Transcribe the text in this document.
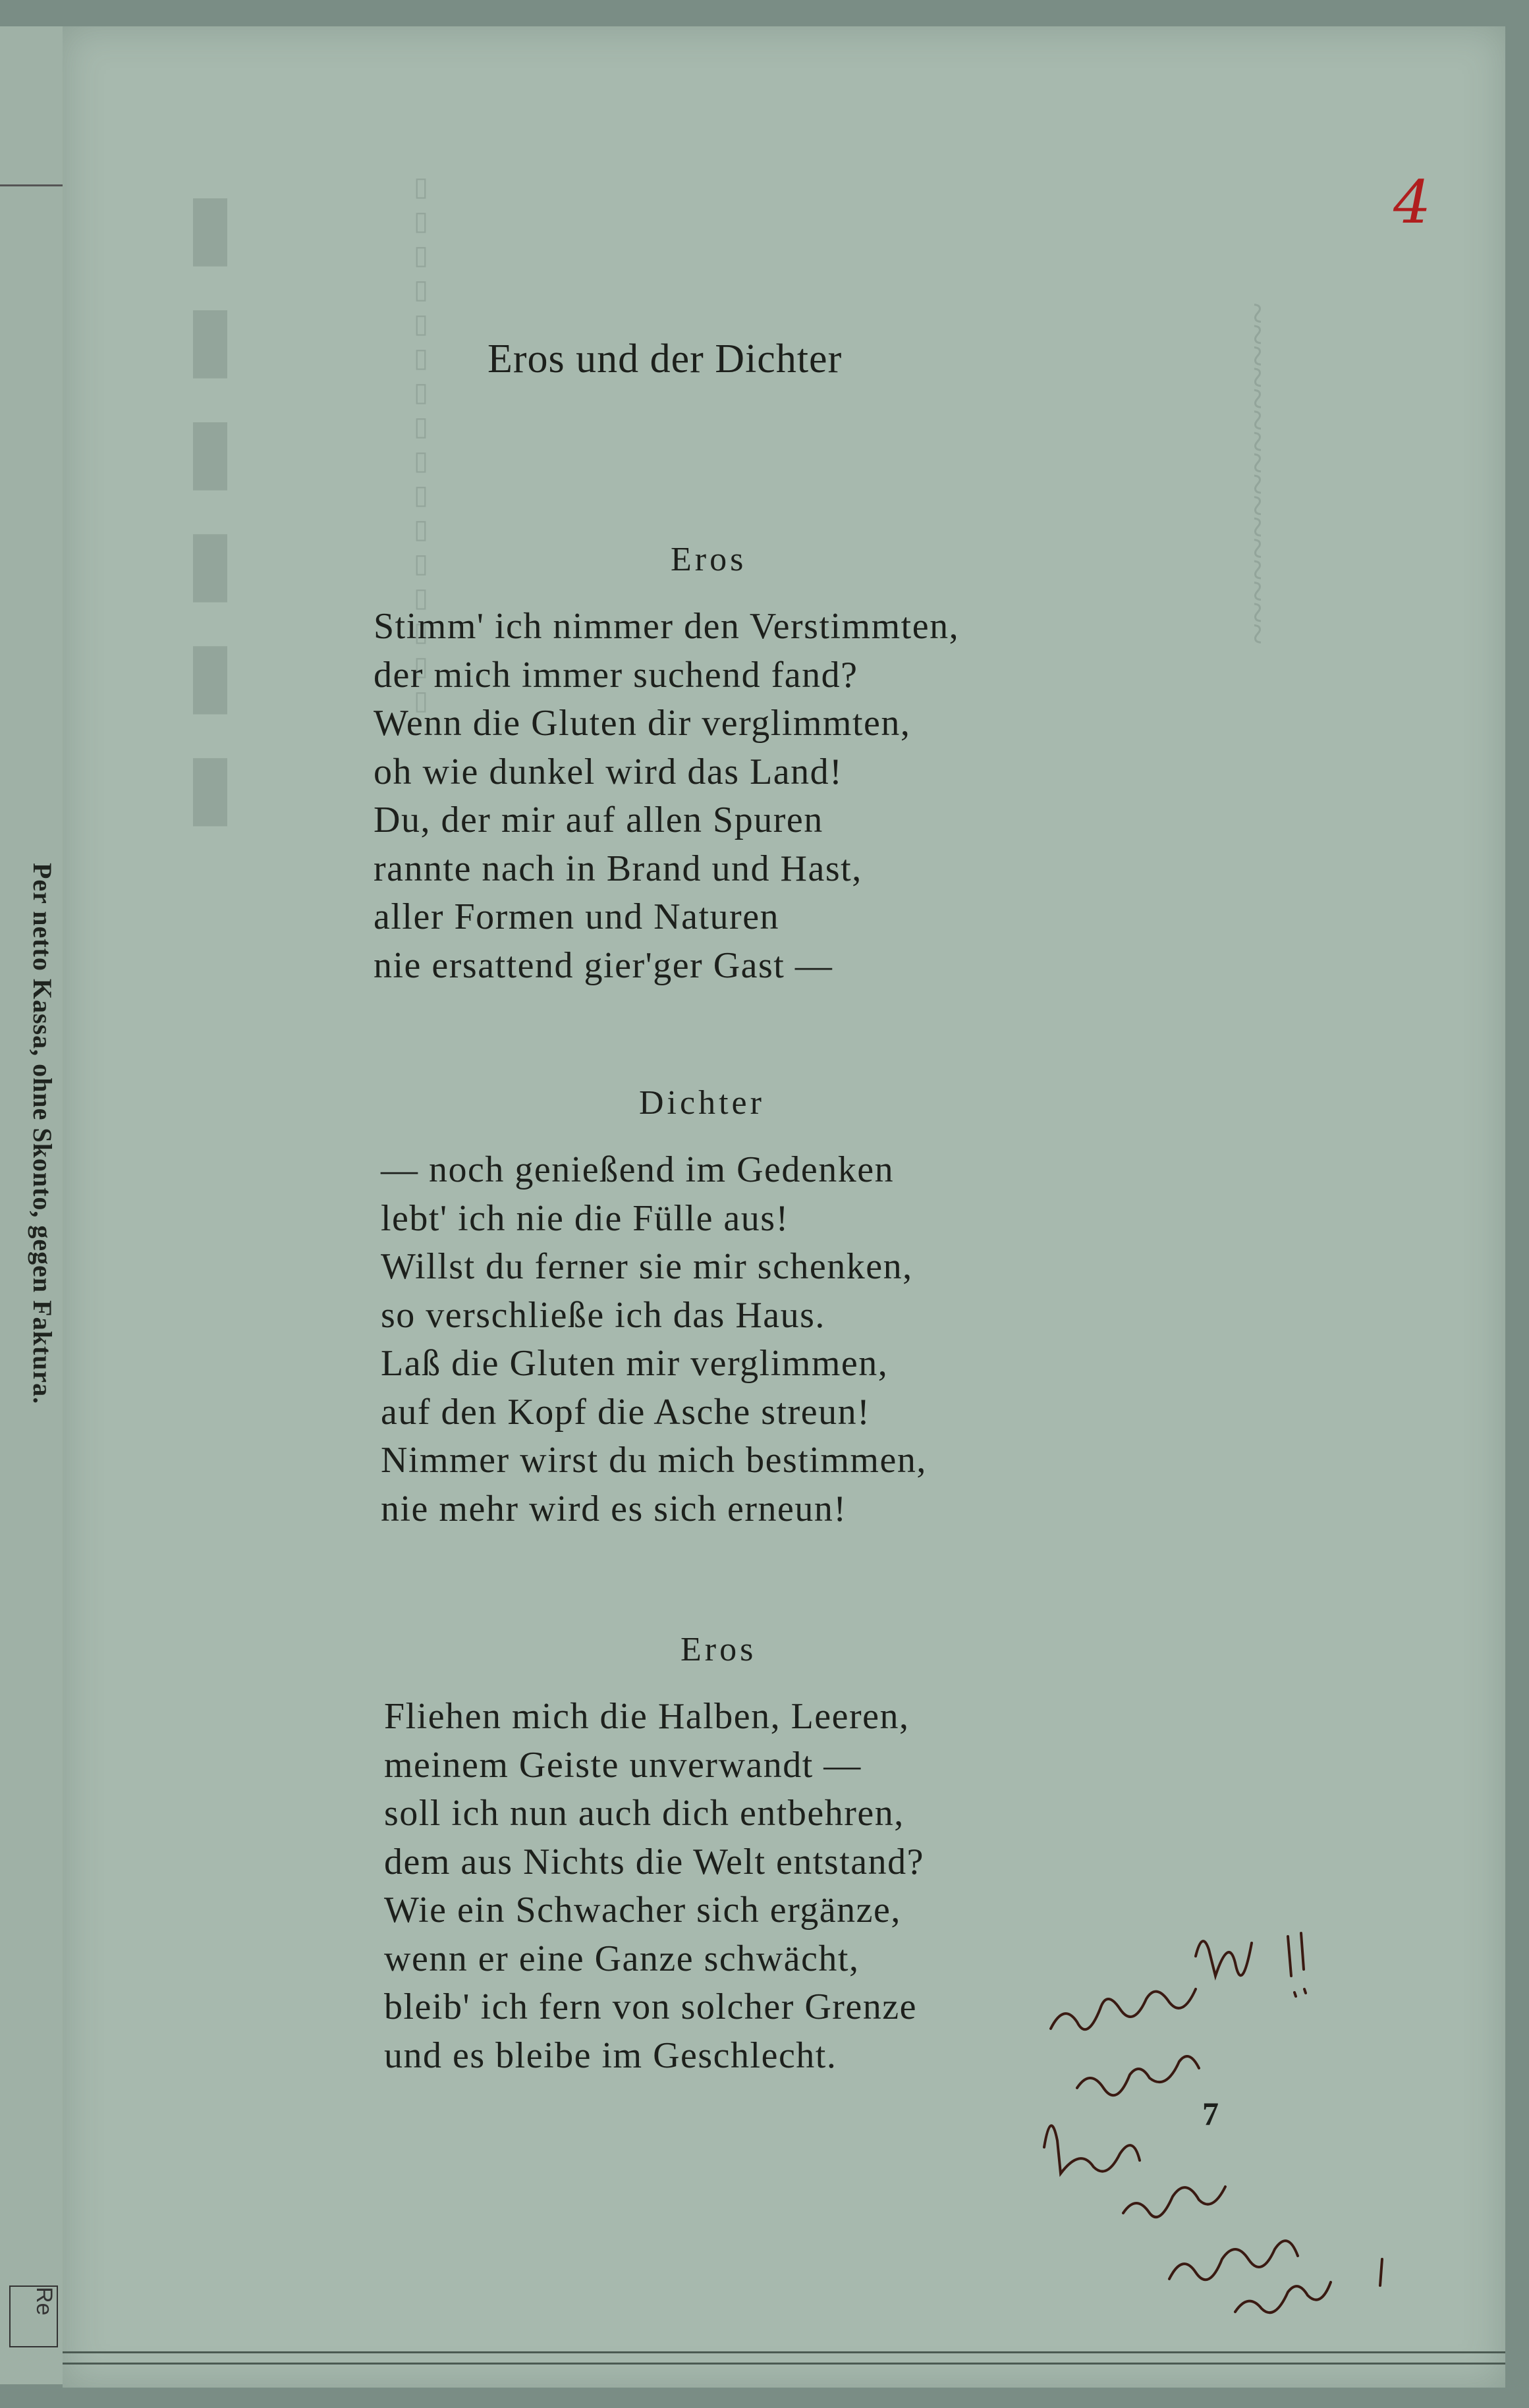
Per netto Kassa, ohne Skonto, gegen Faktura.
Re
▮▮▮▮▮▮	▯▯▯▯▯▯▯▯▯▯▯▯▯▯▯▯	~~~~~~~~~~~~~~~~
4
Eros und der Dichter
Eros
Stimm' ich nimmer den Verstimmten,
der mich immer suchend fand?
Wenn die Gluten dir verglimmten,
oh wie dunkel wird das Land!
Du, der mir auf allen Spuren
rannte nach in Brand und Hast,
aller Formen und Naturen
nie ersattend gier'ger Gast —
Dichter
— noch genießend im Gedenken
lebt' ich nie die Fülle aus!
Willst du ferner sie mir schenken,
so verschließe ich das Haus.
Laß die Gluten mir verglimmen,
auf den Kopf die Asche streun!
Nimmer wirst du mich bestimmen,
nie mehr wird es sich erneun!
Eros
Fliehen mich die Halben, Leeren,
meinem Geiste unverwandt —
soll ich nun auch dich entbehren,
dem aus Nichts die Welt entstand?
Wie ein Schwacher sich ergänze,
wenn er eine Ganze schwächt,
bleib' ich fern von solcher Grenze
und es bleibe im Geschlecht.
7
